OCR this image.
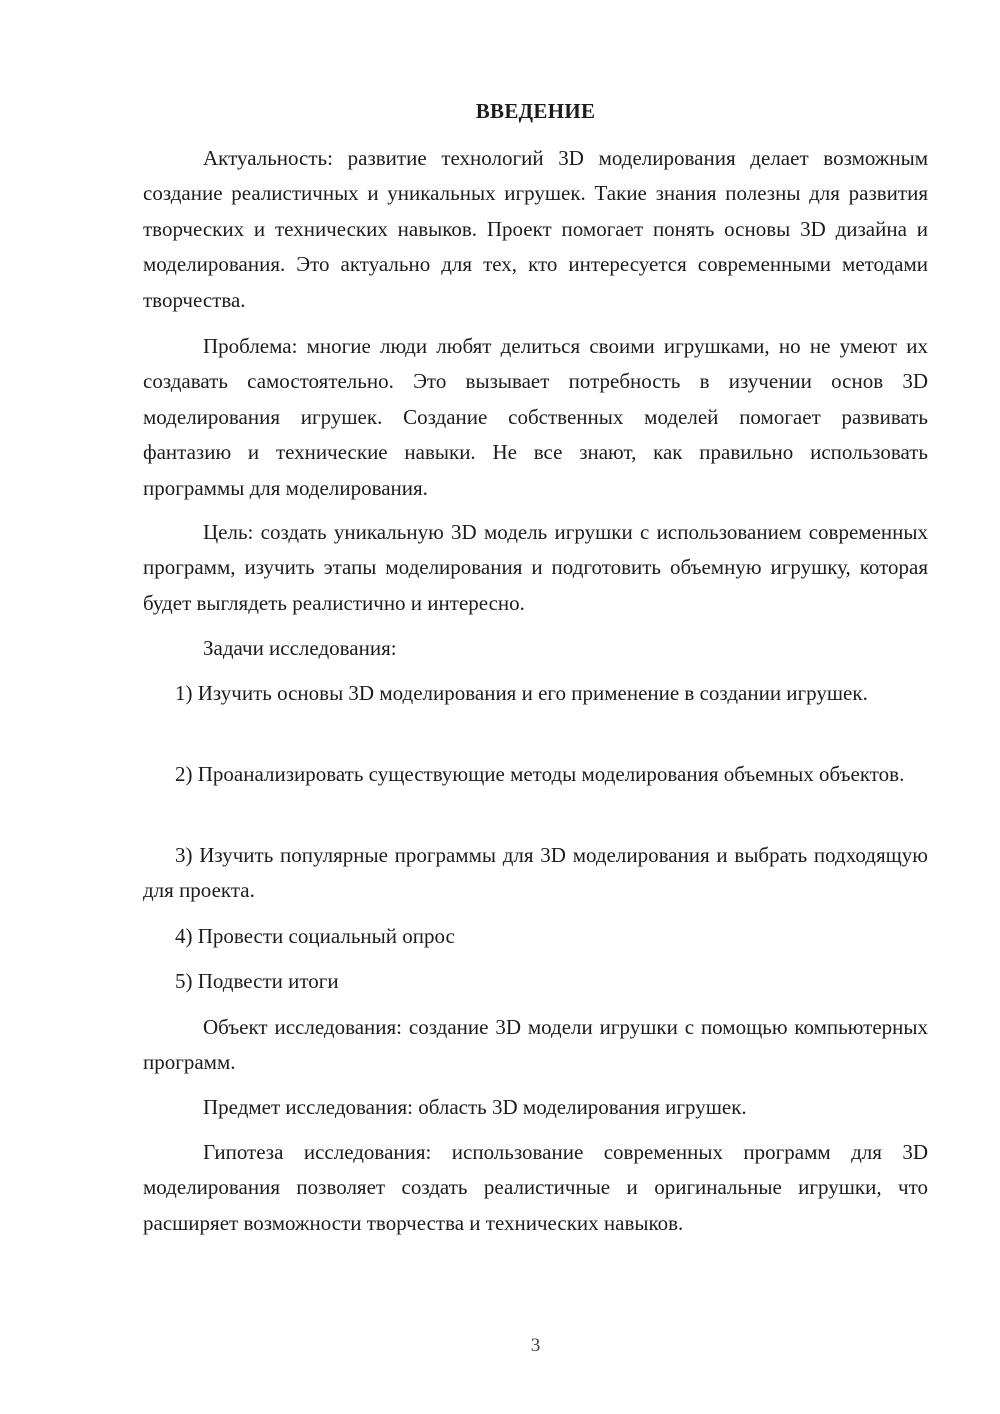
ВВЕДЕНИЕ

Актуальность: развитие технологий 3D моделирования делает возможным создание реалистичных и уникальных игрушек. Такие знания полезны для развития творческих и технических навыков. Проект помогает понять основы 3D дизайна и моделирования. Это актуально для тех, кто интересуется современными методами творчества.

Проблема: многие люди любят делиться своими игрушками, но не умеют их создавать самостоятельно. Это вызывает потребность в изучении основ 3D моделирования игрушек. Создание собственных моделей помогает развивать фантазию и технические навыки. Не все знают, как правильно использовать программы для моделирования.

Цель: создать уникальную 3D модель игрушки с использованием современных программ, изучить этапы моделирования и подготовить объемную игрушку, которая будет выглядеть реалистично и интересно.

Задачи исследования:

1) Изучить основы 3D моделирования и его применение в создании игрушек.

2) Проанализировать существующие методы моделирования объемных объектов.

3) Изучить популярные программы для 3D моделирования и выбрать подходящую для проекта.

4) Провести социальный опрос

5) Подвести итоги

Объект исследования: создание 3D модели игрушки с помощью компьютерных программ.

Предмет исследования: область 3D моделирования игрушек.

Гипотеза исследования: использование современных программ для 3D моделирования позволяет создать реалистичные и оригинальные игрушки, что расширяет возможности творчества и технических навыков.

3
